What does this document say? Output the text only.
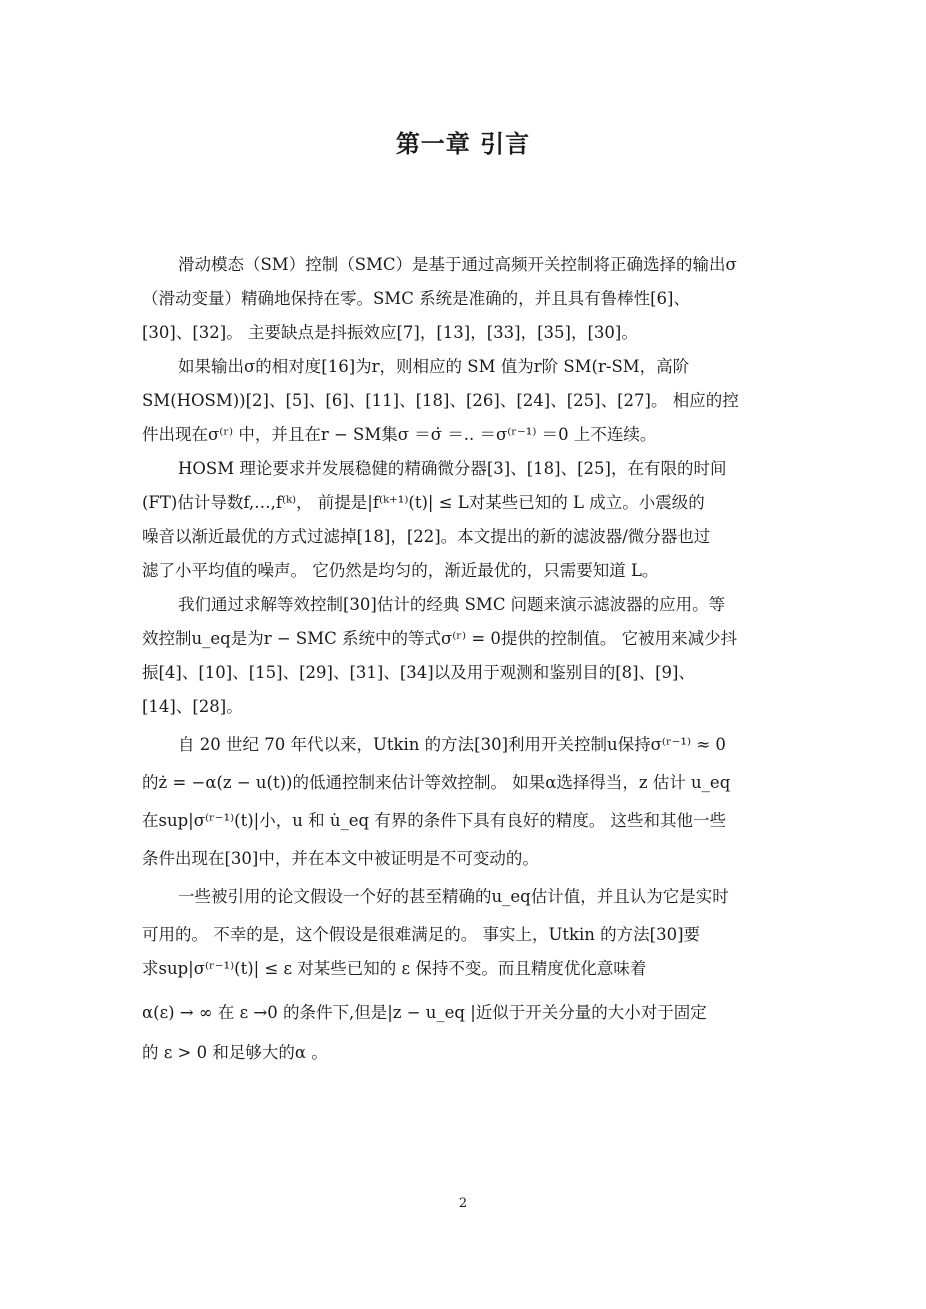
第一章 引言
滑动模态（SM）控制（SMC）是基于通过高频开关控制将正确选择的输出σ
（滑动变量）精确地保持在零。SMC 系统是准确的，并且具有鲁棒性[6]、
[30]、[32]。 主要缺点是抖振效应[7]，[13]，[33]，[35]，[30]。
如果输出σ的相对度[16]为r，则相应的 SM 值为r阶 SM(r-SM，高阶
SM(HOSM))[2]、[5]、[6]、[11]、[18]、[26]、[24]、[25]、[27]。 相应的控
件出现在σ⁽ʳ⁾ 中，并且在r − SM集σ ＝σ̇ ＝.. ＝σ⁽ʳ⁻¹⁾ ＝0 上不连续。
HOSM 理论要求并发展稳健的精确微分器[3]、[18]、[25]，在有限的时间
(FT)估计导数f,…,f⁽ᵏ⁾， 前提是|f⁽ᵏ⁺¹⁾(t)| ≤ L对某些已知的 L 成立。小震级的
噪音以渐近最优的方式过滤掉[18]，[22]。本文提出的新的滤波器/微分器也过
滤了小平均值的噪声。 它仍然是均匀的，渐近最优的，只需要知道 L。
我们通过求解等效控制[30]估计的经典 SMC 问题来演示滤波器的应用。等
效控制u_eq是为r − SMC 系统中的等式σ⁽ʳ⁾ = 0提供的控制值。 它被用来减少抖
振[4]、[10]、[15]、[29]、[31]、[34]以及用于观测和鉴别目的[8]、[9]、
[14]、[28]。
自 20 世纪 70 年代以来，Utkin 的方法[30]利用开关控制u保持σ⁽ʳ⁻¹⁾ ≈ 0
的ż = −α(z − u(t))的低通控制来估计等效控制。 如果α选择得当，z 估计 u_eq
在sup|σ⁽ʳ⁻¹⁾(t)|小，u 和 u̇_eq 有界的条件下具有良好的精度。 这些和其他一些
条件出现在[30]中，并在本文中被证明是不可变动的。
一些被引用的论文假设一个好的甚至精确的u_eq估计值，并且认为它是实时
可用的。 不幸的是，这个假设是很难满足的。 事实上，Utkin 的方法[30]要
求sup|σ⁽ʳ⁻¹⁾(t)| ≤ ε 对某些已知的 ε 保持不变。而且精度优化意味着
α(ε) → ∞ 在 ε →0 的条件下,但是|z − u_eq |近似于开关分量的大小对于固定
的 ε > 0 和足够大的α 。
2
